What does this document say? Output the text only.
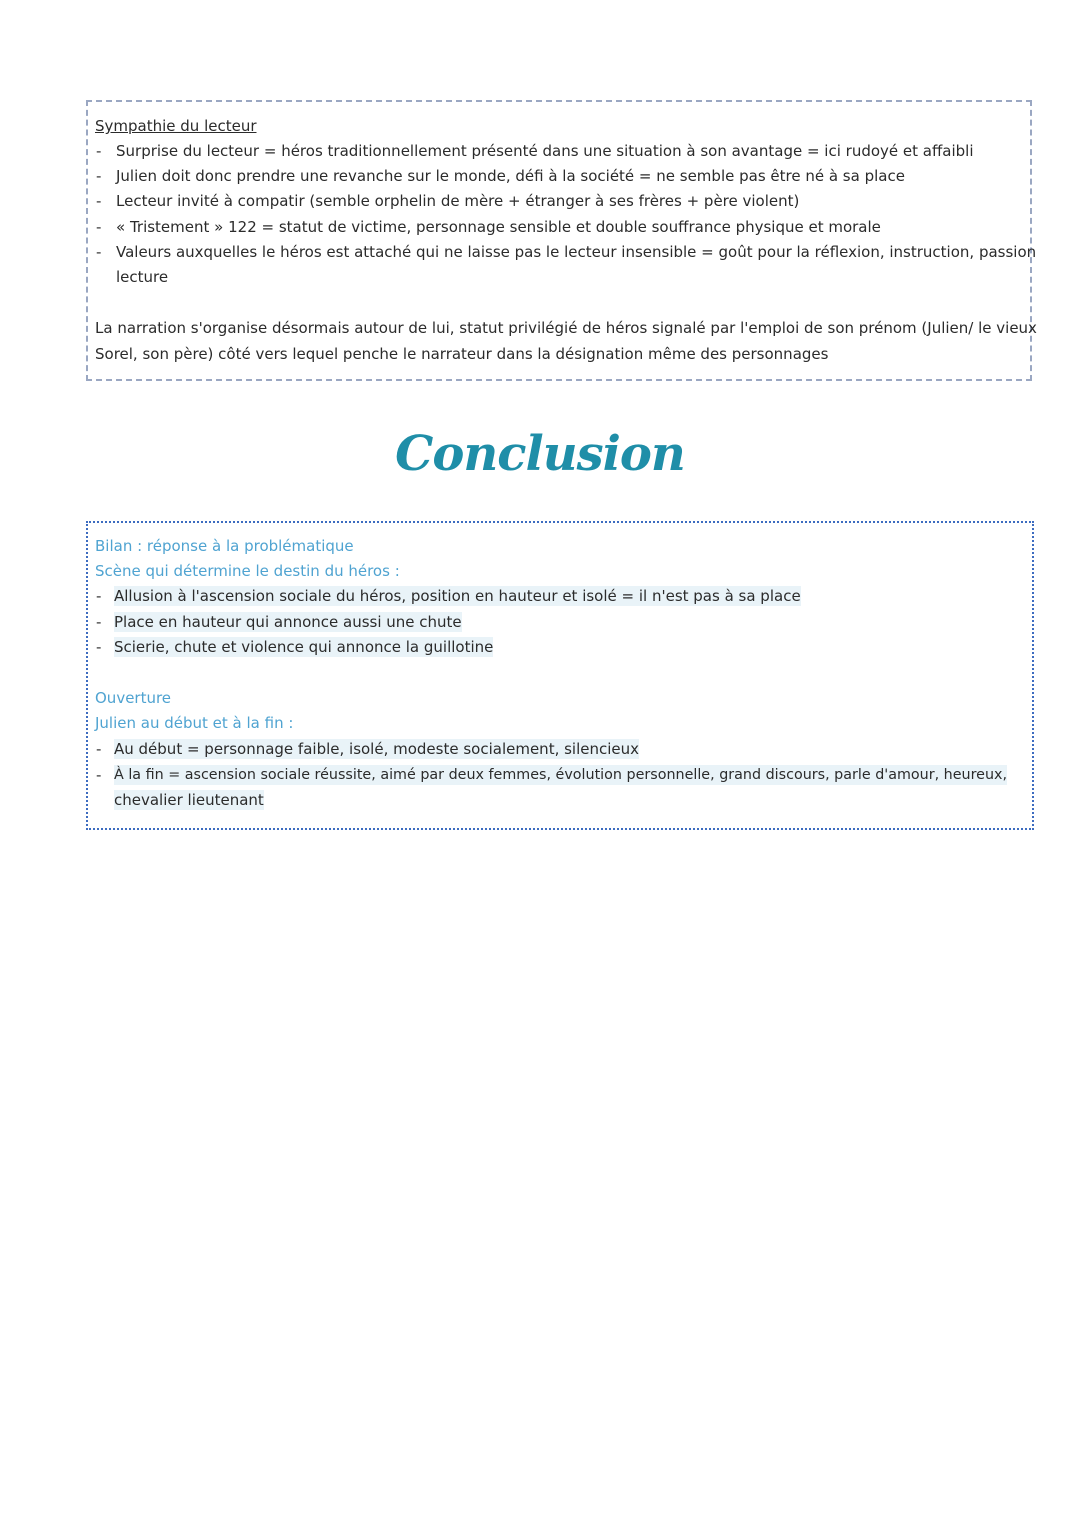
Sympathie du lecteur
- Surprise du lecteur = héros traditionnellement présenté dans une situation à son avantage = ici rudoyé et affaibli
- Julien doit donc prendre une revanche sur le monde, défi à la société = ne semble pas être né à sa place
- Lecteur invité à compatir (semble orphelin de mère + étranger à ses frères + père violent)
- « Tristement » 122 = statut de victime, personnage sensible et double souffrance physique et morale
- Valeurs auxquelles le héros est attaché qui ne laisse pas le lecteur insensible = goût pour la réflexion, instruction, passion
lecture
La narration s'organise désormais autour de lui, statut privilégié de héros signalé par l'emploi de son prénom (Julien/ le vieux
Sorel, son père) côté vers lequel penche le narrateur dans la désignation même des personnages
Conclusion
Bilan : réponse à la problématique
Scène qui détermine le destin du héros :
- Allusion à l'ascension sociale du héros, position en hauteur et isolé = il n'est pas à sa place
- Place en hauteur qui annonce aussi une chute
- Scierie, chute et violence qui annonce la guillotine
Ouverture
Julien au début et à la fin :
- Au début = personnage faible, isolé, modeste socialement, silencieux
- À la fin = ascension sociale réussite, aimé par deux femmes, évolution personnelle, grand discours, parle d'amour, heureux,
chevalier lieutenant
